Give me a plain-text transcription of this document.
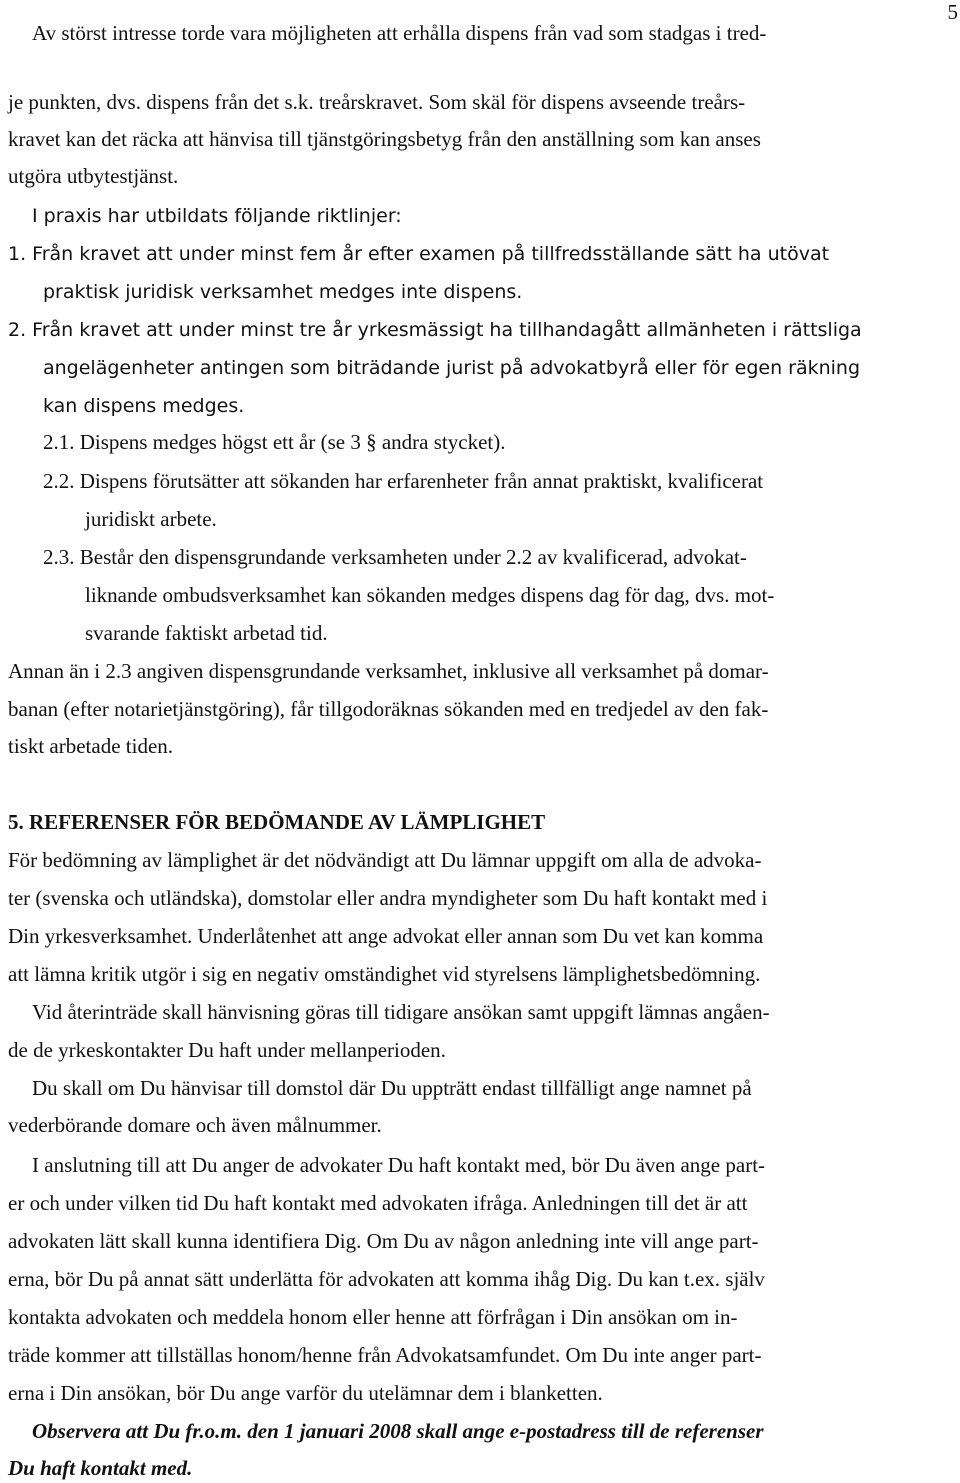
5
Av störst intresse torde vara möjligheten att erhålla dispens från vad som stadgas i tred-
je punkten, dvs. dispens från det s.k. treårskravet. Som skäl för dispens avseende treårs-
kravet kan det räcka att hänvisa till tjänstgöringsbetyg från den anställning som kan anses
utgöra utbytestjänst.
I praxis har utbildats följande riktlinjer:
1. Från kravet att under minst fem år efter examen på tillfredsställande sätt ha utövat
praktisk juridisk verksamhet medges inte dispens.
2. Från kravet att under minst tre år yrkesmässigt ha tillhandagått allmänheten i rättsliga
angelägenheter antingen som biträdande jurist på advokatbyrå eller för egen räkning
kan dispens medges.
2.1. Dispens medges högst ett år (se 3 § andra stycket).
2.2. Dispens förutsätter att sökanden har erfarenheter från annat praktiskt, kvalificerat
juridiskt arbete.
2.3. Består den dispensgrundande verksamheten under 2.2 av kvalificerad, advokat-
liknande ombudsverksamhet kan sökanden medges dispens dag för dag, dvs. mot-
svarande faktiskt arbetad tid.
Annan än i 2.3 angiven dispensgrundande verksamhet, inklusive all verksamhet på domar-
banan (efter notarietjänstgöring), får tillgodoräknas sökanden med en tredjedel av den fak-
tiskt arbetade tiden.
5. REFERENSER FÖR BEDÖMANDE AV LÄMPLIGHET
För bedömning av lämplighet är det nödvändigt att Du lämnar uppgift om alla de advoka-
ter (svenska och utländska), domstolar eller andra myndigheter som Du haft kontakt med i
Din yrkesverksamhet. Underlåtenhet att ange advokat eller annan som Du vet kan komma
att lämna kritik utgör i sig en negativ omständighet vid styrelsens lämplighetsbedömning.
Vid återinträde skall hänvisning göras till tidigare ansökan samt uppgift lämnas angåen-
de de yrkeskontakter Du haft under mellanperioden.
Du skall om Du hänvisar till domstol där Du uppträtt endast tillfälligt ange namnet på
vederbörande domare och även målnummer.
I anslutning till att Du anger de advokater Du haft kontakt med, bör Du även ange part-
er och under vilken tid Du haft kontakt med advokaten ifråga. Anledningen till det är att
advokaten lätt skall kunna identifiera Dig. Om Du av någon anledning inte vill ange part-
erna, bör Du på annat sätt underlätta för advokaten att komma ihåg Dig. Du kan t.ex. själv
kontakta advokaten och meddela honom eller henne att förfrågan i Din ansökan om in-
träde kommer att tillställas honom/henne från Advokatsamfundet. Om Du inte anger part-
erna i Din ansökan, bör Du ange varför du utelämnar dem i blanketten.
Observera att Du fr.o.m. den 1 januari 2008 skall ange e-postadress till de referenser
Du haft kontakt med.
